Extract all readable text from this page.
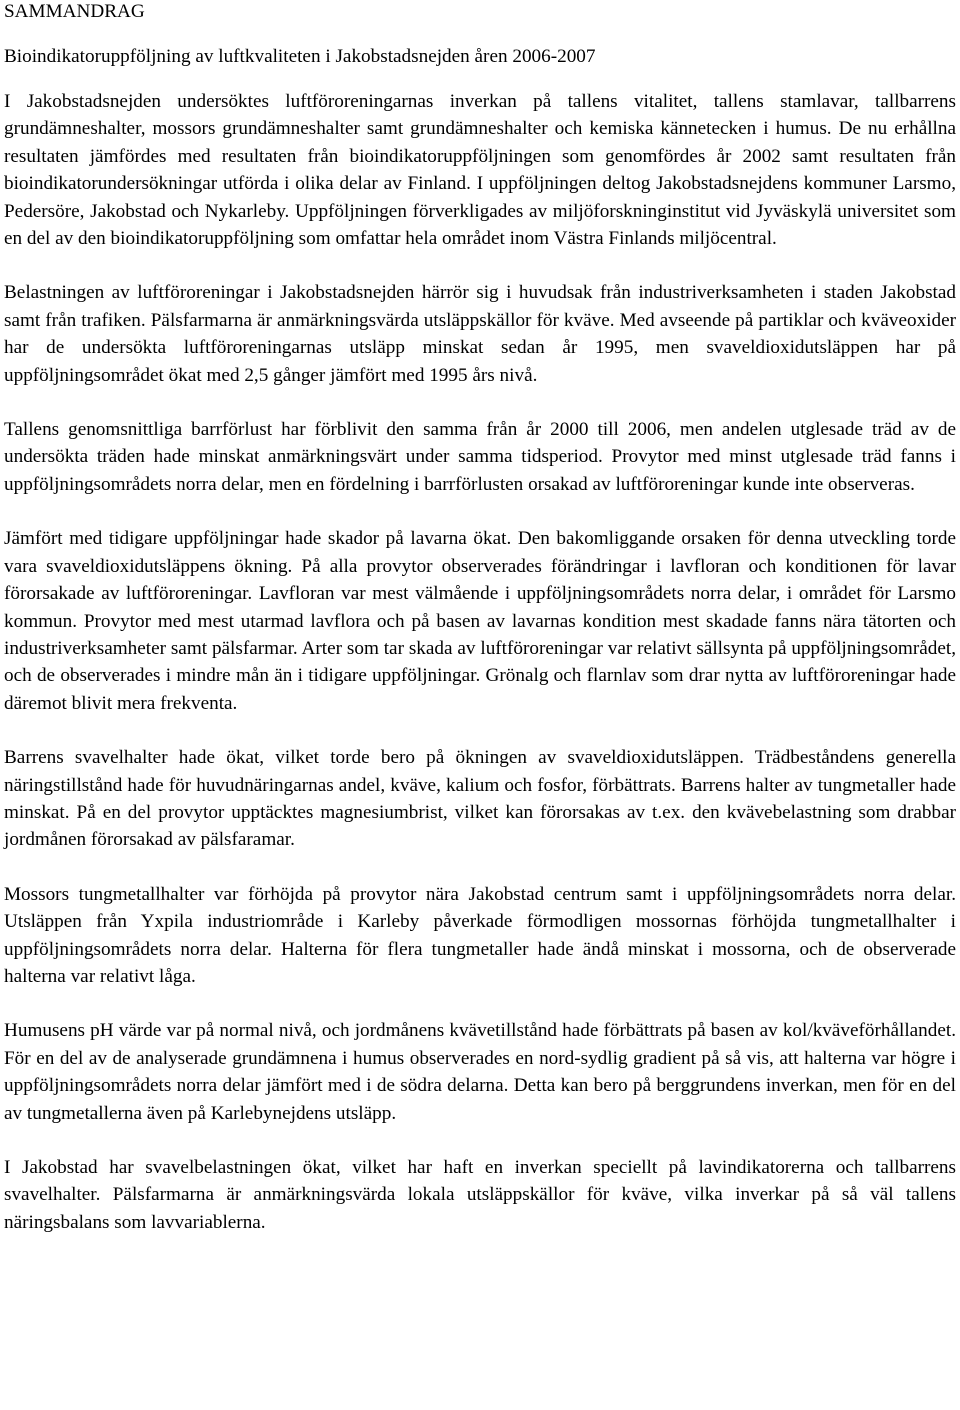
SAMMANDRAG
Bioindikatoruppföljning av luftkvaliteten i Jakobstadsnejden åren 2006-2007

I Jakobstadsnejden undersöktes luftföroreningarnas inverkan på tallens vitalitet, tallens stamlavar, tallbarrens grundämneshalter, mossors grundämneshalter samt grundämneshalter och kemiska kännetecken i humus. De nu erhållna resultaten jämfördes med resultaten från bioindikatoruppföljningen som genomfördes år 2002 samt resultaten från bioindikatorundersökningar utförda i olika delar av Finland. I uppföljningen deltog Jakobstadsnejdens kommuner Larsmo, Pedersöre, Jakobstad och Nykarleby. Uppföljningen förverkligades av miljöforskninginstitut vid Jyväskylä universitet som en del av den bioindikatoruppföljning som omfattar hela området inom Västra Finlands miljöcentral.

Belastningen av luftföroreningar i Jakobstadsnejden härrör sig i huvudsak från industriverksamheten i staden Jakobstad samt från trafiken. Pälsfarmarna är anmärkningsvärda utsläppskällor för kväve. Med avseende på partiklar och kväveoxider har de undersökta luftföroreningarnas utsläpp minskat sedan år 1995, men svaveldioxidutsläppen har på uppföljningsområdet ökat med 2,5 gånger jämfört med 1995 års nivå.

Tallens genomsnittliga barrförlust har förblivit den samma från år 2000 till 2006, men andelen utglesade träd av de undersökta träden hade minskat anmärkningsvärt under samma tidsperiod. Provytor med minst utglesade träd fanns i uppföljningsområdets norra delar, men en fördelning i barrförlusten orsakad av luftföroreningar kunde inte observeras.

Jämfört med tidigare uppföljningar hade skador på lavarna ökat. Den bakomliggande orsaken för denna utveckling torde vara svaveldioxidutsläppens ökning. På alla provytor observerades förändringar i lavfloran och konditionen för lavar förorsakade av luftföroreningar. Lavfloran var mest välmående i uppföljningsområdets norra delar, i området för Larsmo kommun. Provytor med mest utarmad lavflora och på basen av lavarnas kondition mest skadade fanns nära tätorten och industriverksamheter samt pälsfarmar. Arter som tar skada av luftföroreningar var relativt sällsynta på uppföljningsområdet, och de observerades i mindre mån än i tidigare uppföljningar. Grönalg och flarnlav som drar nytta av luftföroreningar hade däremot blivit mera frekventa.

Barrens svavelhalter hade ökat, vilket torde bero på ökningen av svaveldioxidutsläppen. Trädbeståndens generella näringstillstånd hade för huvudnäringarnas andel, kväve, kalium och fosfor, förbättrats. Barrens halter av tungmetaller hade minskat. På en del provytor upptäcktes magnesiumbrist, vilket kan förorsakas av t.ex. den kvävebelastning som drabbar jordmånen förorsakad av pälsfaramar.

Mossors tungmetallhalter var förhöjda på provytor nära Jakobstad centrum samt i uppföljningsområdets norra delar. Utsläppen från Yxpila industriområde i Karleby påverkade förmodligen mossornas förhöjda tungmetallhalter i uppföljningsområdets norra delar. Halterna för flera tungmetaller hade ändå minskat i mossorna, och de observerade halterna var relativt låga.

Humusens pH värde var på normal nivå, och jordmånens kvävetillstånd hade förbättrats på basen av kol/kväveförhållandet. För en del av de analyserade grundämnena i humus observerades en nord-sydlig gradient på så vis, att halterna var högre i uppföljningsområdets norra delar jämfört med i de södra delarna. Detta kan bero på berggrundens inverkan, men för en del av tungmetallerna även på Karlebynejdens utsläpp.

I Jakobstad har svavelbelastningen ökat, vilket har haft en inverkan speciellt på lavindikatorerna och tallbarrens svavelhalter. Pälsfarmarna är anmärkningsvärda lokala utsläppskällor för kväve, vilka inverkar på så väl tallens näringsbalans som lavvariablerna.
